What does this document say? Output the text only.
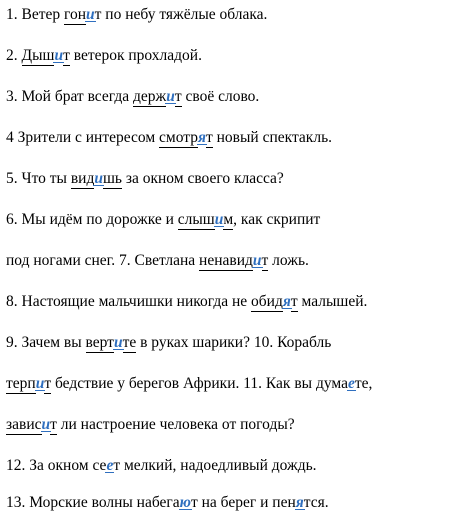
1. Ветер гонит по небу тяжёлые облака.
2. Дышит ветерок прохладой.
3. Мой брат всегда держит своё слово.
4 Зрители с интересом смотрят новый спектакль.
5. Что ты видишь за окном своего класса?
6. Мы идём по дорожке и слышим, как скрипит
под ногами снег. 7. Светлана ненавидит ложь.
8. Настоящие мальчишки никогда не обидят малышей.
9. Зачем вы вертите в руках шарики? 10. Корабль
терпит бедствие у берегов Африки. 11. Как вы думаете,
зависит ли настроение человека от погоды?
12. За окном сеет мелкий, надоедливый дождь.
13. Морские волны набегают на берег и пенятся.
